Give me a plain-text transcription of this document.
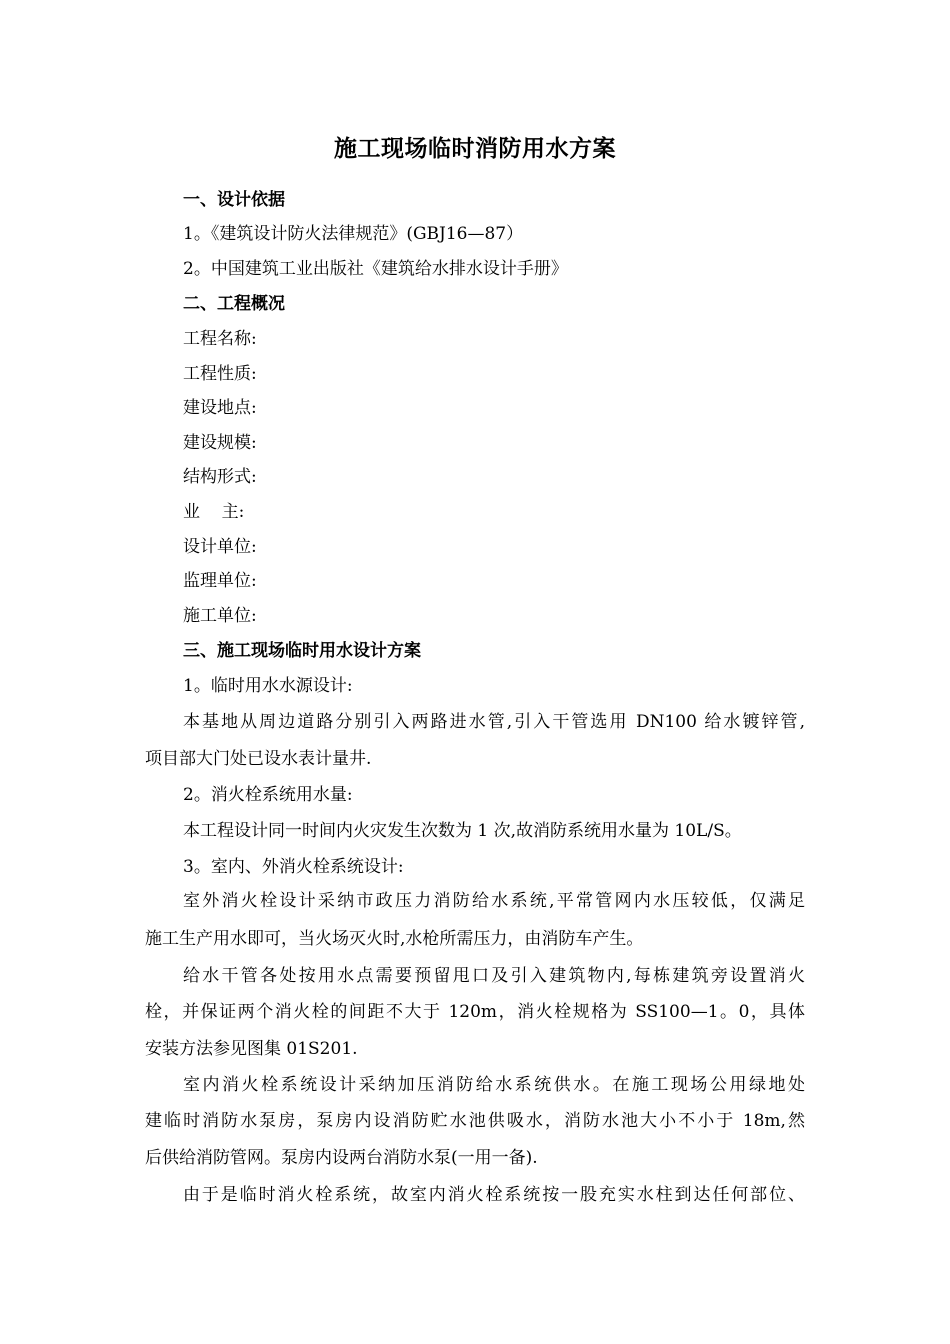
施工现场临时消防用水方案
一、设计依据
1。《建筑设计防火法律规范》(GBJ16—87）
2。中国建筑工业出版社《建筑给水排水设计手册》
二、工程概况
工程名称:
工程性质:
建设地点:
建设规模:
结构形式:
业    主:
设计单位:
监理单位:
施工单位:
三、施工现场临时用水设计方案
1。临时用水水源设计:
本基地从周边道路分别引入两路进水管,引入干管选用 DN100 给水镀锌管,
项目部大门处已设水表计量井.
2。消火栓系统用水量:
本工程设计同一时间内火灾发生次数为 1 次,故消防系统用水量为 10L/S。
3。室内、外消火栓系统设计:
室外消火栓设计采纳市政压力消防给水系统,平常管网内水压较低，仅满足
施工生产用水即可，当火场灭火时,水枪所需压力，由消防车产生。
给水干管各处按用水点需要预留甩口及引入建筑物内,每栋建筑旁设置消火
栓，并保证两个消火栓的间距不大于 120m，消火栓规格为 SS100—1。0，具体
安装方法参见图集 01S201.
室内消火栓系统设计采纳加压消防给水系统供水。在施工现场公用绿地处
建临时消防水泵房，泵房内设消防贮水池供吸水，消防水池大小不小于 18m,然
后供给消防管网。泵房内设两台消防水泵(一用一备).
由于是临时消火栓系统，故室内消火栓系统按一股充实水柱到达任何部位、
